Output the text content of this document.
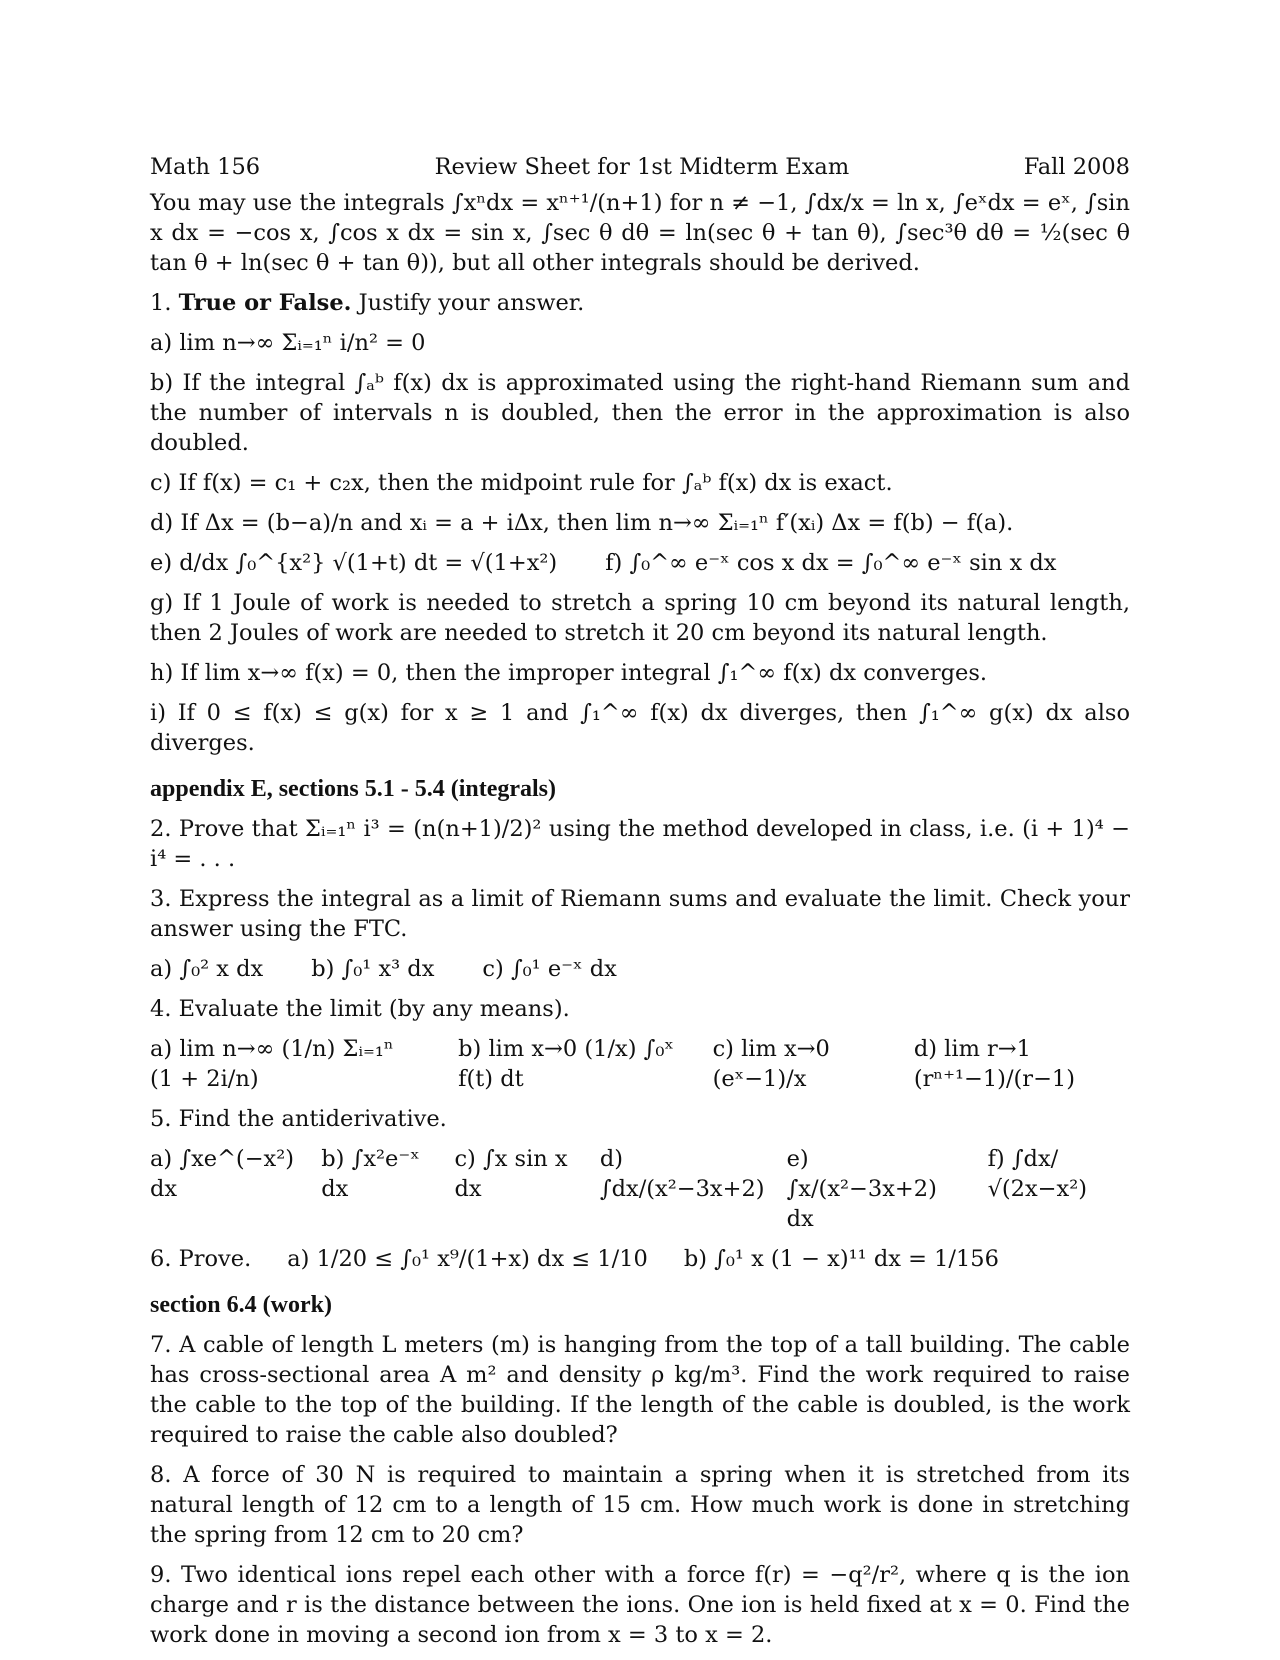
Math 156	Review Sheet for 1st Midterm Exam	Fall 2008

You may use the integrals ∫xⁿdx = xⁿ⁺¹/(n+1) for n ≠ −1, ∫dx/x = ln x, ∫eˣdx = eˣ, ∫sin x dx = −cos x, ∫cos x dx = sin x, ∫sec θ dθ = ln(sec θ + tan θ), ∫sec³θ dθ = ½(sec θ tan θ + ln(sec θ + tan θ)), but all other integrals should be derived.

1. True or False. Justify your answer.

a) lim n→∞ Σᵢ₌₁ⁿ i/n² = 0

b) If the integral ∫ₐᵇ f(x) dx is approximated using the right-hand Riemann sum and the number of intervals n is doubled, then the error in the approximation is also doubled.

c) If f(x) = c₁ + c₂x, then the midpoint rule for ∫ₐᵇ f(x) dx is exact.

d) If Δx = (b−a)/n and xᵢ = a + iΔx, then lim n→∞ Σᵢ₌₁ⁿ f′(xᵢ) Δx = f(b) − f(a).

e) d/dx ∫₀^{x²} √(1+t) dt = √(1+x²) f) ∫₀^∞ e⁻ˣ cos x dx = ∫₀^∞ e⁻ˣ sin x dx

g) If 1 Joule of work is needed to stretch a spring 10 cm beyond its natural length, then 2 Joules of work are needed to stretch it 20 cm beyond its natural length.

h) If lim x→∞ f(x) = 0, then the improper integral ∫₁^∞ f(x) dx converges.

i) If 0 ≤ f(x) ≤ g(x) for x ≥ 1 and ∫₁^∞ f(x) dx diverges, then ∫₁^∞ g(x) dx also diverges.

appendix E, sections 5.1 - 5.4 (integrals)

2. Prove that Σᵢ₌₁ⁿ i³ = (n(n+1)/2)² using the method developed in class, i.e. (i + 1)⁴ − i⁴ = . . .

3. Express the integral as a limit of Riemann sums and evaluate the limit. Check your answer using the FTC.

a) ∫₀² x dx b) ∫₀¹ x³ dx c) ∫₀¹ e⁻ˣ dx

4. Evaluate the limit (by any means).

a) lim n→∞ (1/n) Σᵢ₌₁ⁿ (1 + 2i/n)
b) lim x→0 (1/x) ∫₀ˣ f(t) dt
c) lim x→0 (eˣ−1)/x
d) lim r→1 (rⁿ⁺¹−1)/(r−1)

5. Find the antiderivative.

a) ∫xe^(−x²) dx
b) ∫x²e⁻ˣ dx
c) ∫x sin x dx
d) ∫dx/(x²−3x+2)
e) ∫x/(x²−3x+2) dx
f) ∫dx/√(2x−x²)
6. Prove. a) 1/20 ≤ ∫₀¹ x⁹/(1+x) dx ≤ 1/10 b) ∫₀¹ x (1 − x)¹¹ dx = 1/156
section 6.4 (work)

7. A cable of length L meters (m) is hanging from the top of a tall building. The cable has cross-sectional area A m² and density ρ kg/m³. Find the work required to raise the cable to the top of the building. If the length of the cable is doubled, is the work required to raise the cable also doubled?

8. A force of 30 N is required to maintain a spring when it is stretched from its natural length of 12 cm to a length of 15 cm. How much work is done in stretching the spring from 12 cm to 20 cm?

9. Two identical ions repel each other with a force f(r) = −q²/r², where q is the ion charge and r is the distance between the ions. One ion is held fixed at x = 0. Find the work done in moving a second ion from x = 3 to x = 2.
